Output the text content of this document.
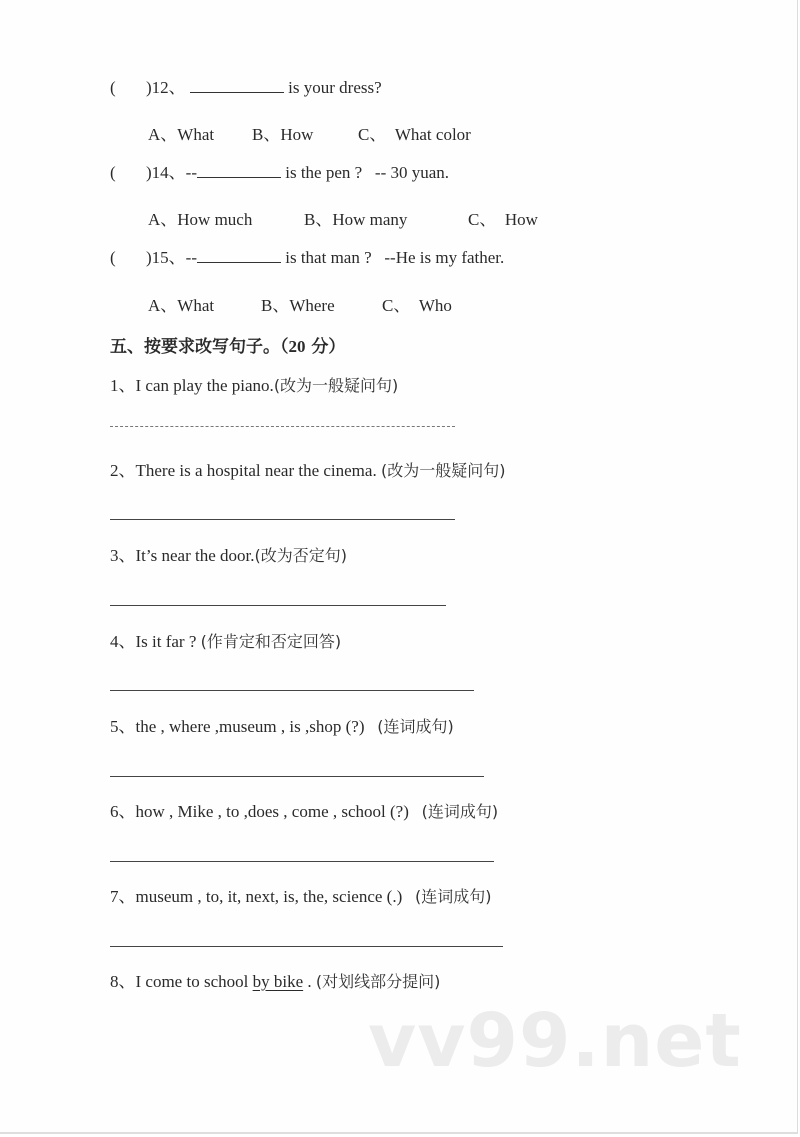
( )12、	is your dress?
A、What B、How	C、  What color
( )14、--	is the pen ?   -- 30 yuan.
A、How much	B、How many	C、  How
( )15、--	is that man ?   --He is my father.
A、What	B、Where	C、  Who
五、按要求改写句子。（20 分）
1、I can play the piano.(改为一般疑问句)
2、There is a hospital near the cinema. (改为一般疑问句)
3、It’s near the door.(改为否定句)
4、Is it far ? (作肯定和否定回答)
5、the , where ,museum , is ,shop (?)   (连词成句)
6、how , Mike , to ,does , come , school (?)   (连词成句)
7、museum , to, it, next, is, the, science (.)   (连词成句)
8、I come to school by bike . (对划线部分提问)
vv99.net
